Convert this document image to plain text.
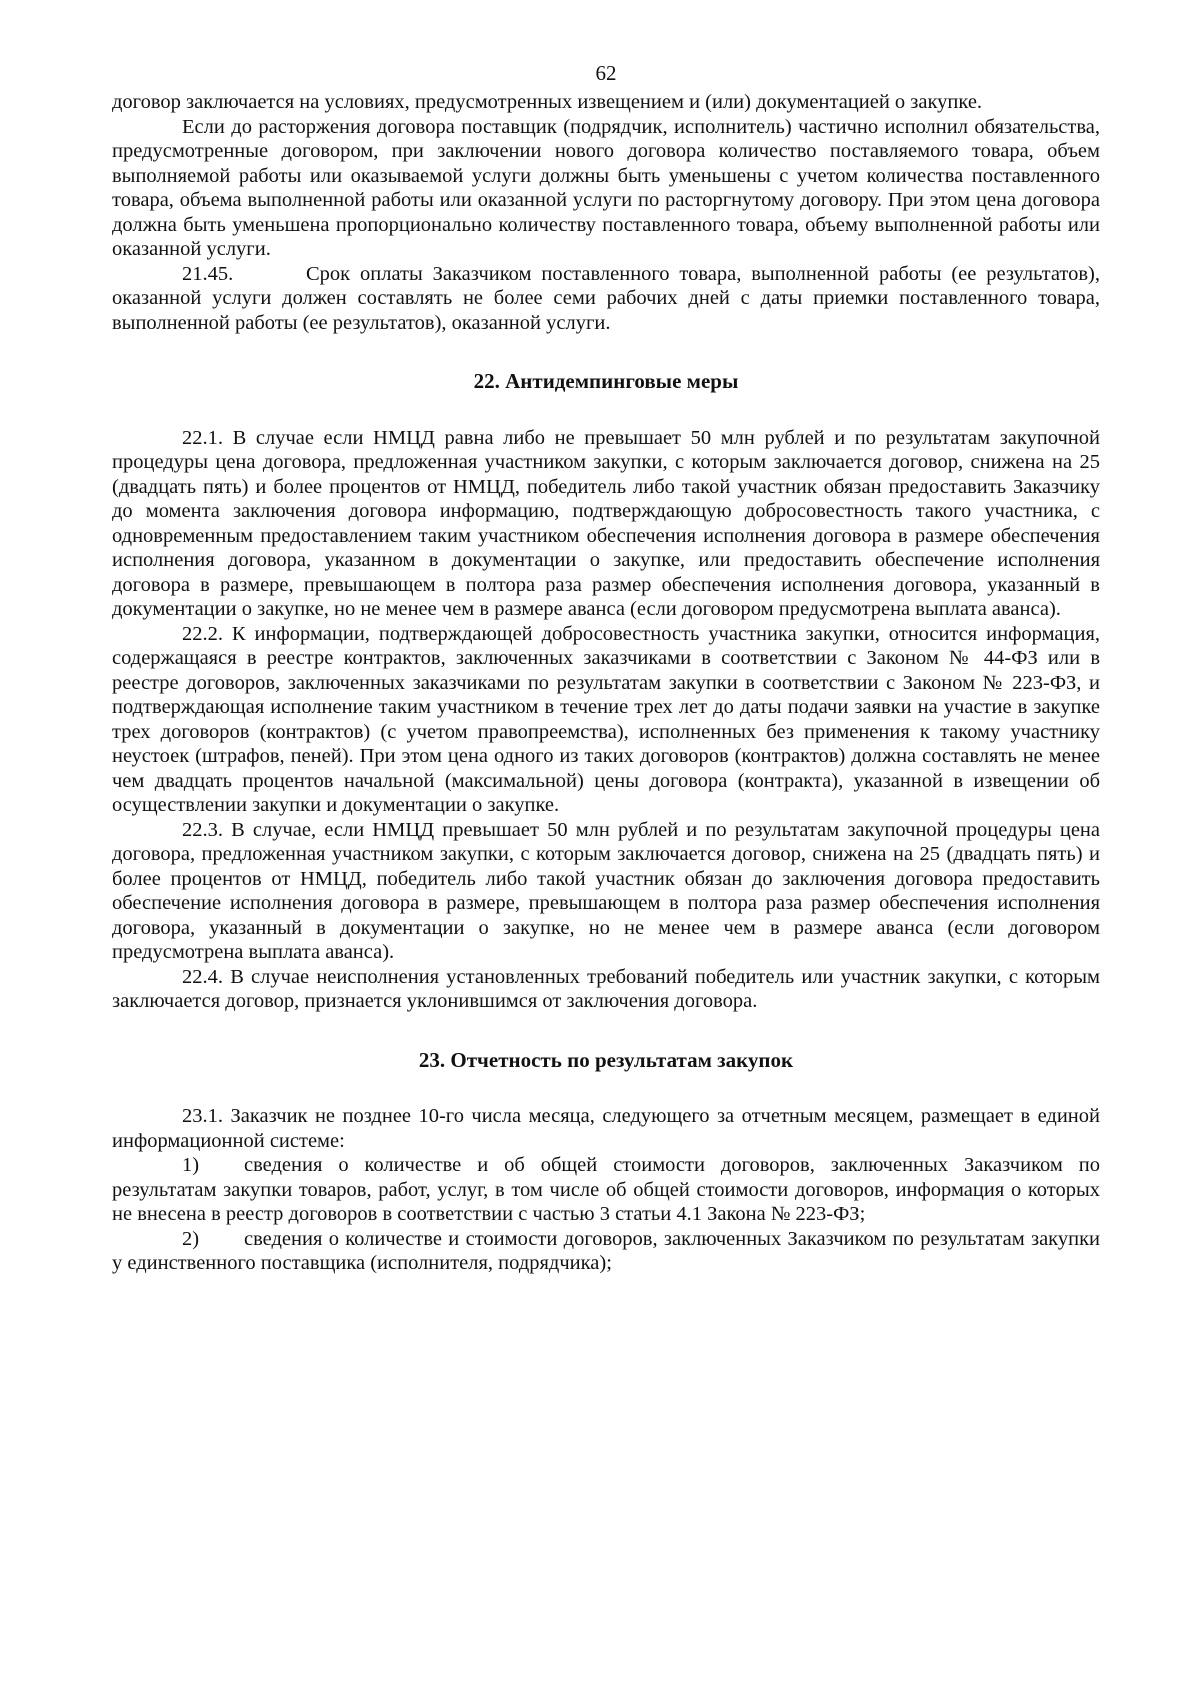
62

договор заключается на условиях, предусмотренных извещением и (или) документацией о закупке.

Если до расторжения договора поставщик (подрядчик, исполнитель) частично исполнил обязательства, предусмотренные договором, при заключении нового договора количество поставляемого товара, объем выполняемой работы или оказываемой услуги должны быть уменьшены с учетом количества поставленного товара, объема выполненной работы или оказанной услуги по расторгнутому договору. При этом цена договора должна быть уменьшена пропорционально количеству поставленного товара, объему выполненной работы или оказанной услуги.

21.45.	Срок оплаты Заказчиком поставленного товара, выполненной работы (ее результатов), оказанной услуги должен составлять не более семи рабочих дней с даты приемки поставленного товара, выполненной работы (ее результатов), оказанной услуги.

22. Антидемпинговые меры

22.1. В случае если НМЦД равна либо не превышает 50 млн рублей и по результатам закупочной процедуры цена договора, предложенная участником закупки, с которым заключается договор, снижена на 25 (двадцать пять) и более процентов от НМЦД, победитель либо такой участник обязан предоставить Заказчику до момента заключения договора информацию, подтверждающую добросовестность такого участника, с одновременным предоставлением таким участником обеспечения исполнения договора в размере обеспечения исполнения договора, указанном в документации о закупке, или предоставить обеспечение исполнения договора в размере, превышающем в полтора раза размер обеспечения исполнения договора, указанный в документации о закупке, но не менее чем в размере аванса (если договором предусмотрена выплата аванса).

22.2. К информации, подтверждающей добросовестность участника закупки, относится информация, содержащаяся в реестре контрактов, заключенных заказчиками в соответствии с Законом № 44-ФЗ или в реестре договоров, заключенных заказчиками по результатам закупки в соответствии с Законом № 223-ФЗ, и подтверждающая исполнение таким участником в течение трех лет до даты подачи заявки на участие в закупке трех договоров (контрактов) (с учетом правопреемства), исполненных без применения к такому участнику неустоек (штрафов, пеней). При этом цена одного из таких договоров (контрактов) должна составлять не менее чем двадцать процентов начальной (максимальной) цены договора (контракта), указанной в извещении об осуществлении закупки и документации о закупке.

22.3. В случае, если НМЦД превышает 50 млн рублей и по результатам закупочной процедуры цена договора, предложенная участником закупки, с которым заключается договор, снижена на 25 (двадцать пять) и более процентов от НМЦД, победитель либо такой участник обязан до заключения договора предоставить обеспечение исполнения договора в размере, превышающем в полтора раза размер обеспечения исполнения договора, указанный в документации о закупке, но не менее чем в размере аванса (если договором предусмотрена выплата аванса).

22.4. В случае неисполнения установленных требований победитель или участник закупки, с которым заключается договор, признается уклонившимся от заключения договора.

23. Отчетность по результатам закупок

23.1. Заказчик не позднее 10-го числа месяца, следующего за отчетным месяцем, размещает в единой информационной системе:

1) сведения о количестве и об общей стоимости договоров, заключенных Заказчиком по результатам закупки товаров, работ, услуг, в том числе об общей стоимости договоров, информация о которых не внесена в реестр договоров в соответствии с частью 3 статьи 4.1 Закона № 223-ФЗ;

2) сведения о количестве и стоимости договоров, заключенных Заказчиком по результатам закупки у единственного поставщика (исполнителя, подрядчика);
